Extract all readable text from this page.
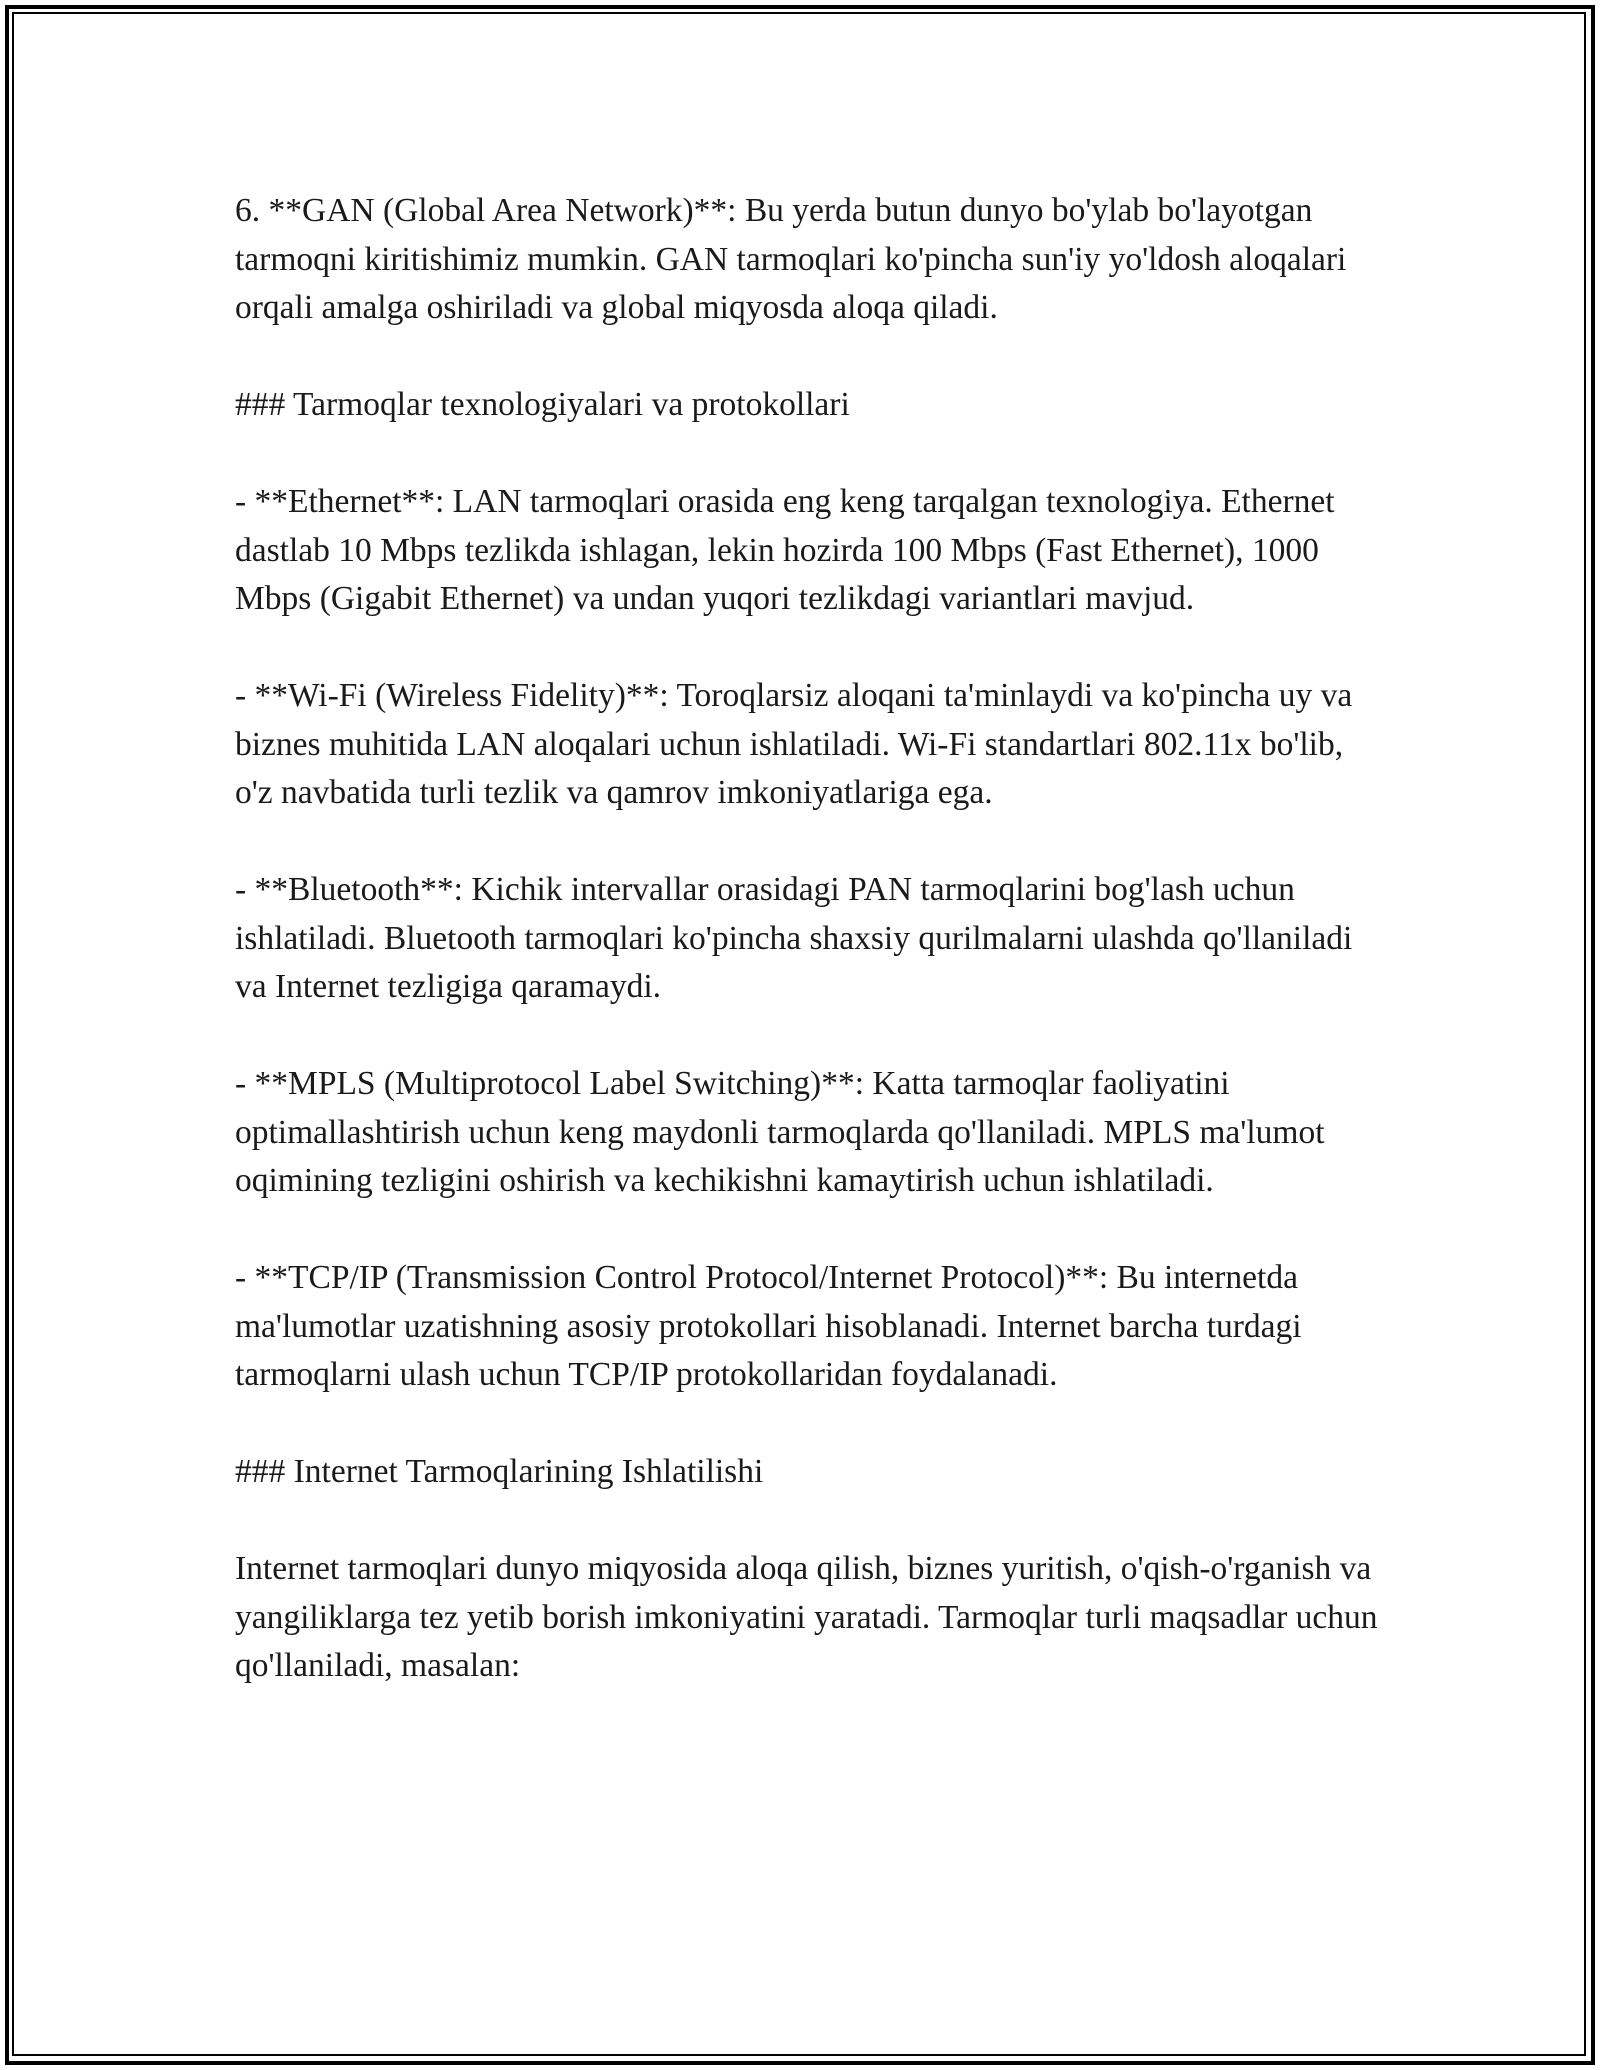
6. **GAN (Global Area Network)**: Bu yerda butun dunyo bo'ylab bo'layotgan tarmoqni kiritishimiz mumkin. GAN tarmoqlari ko'pincha sun'iy yo'ldosh aloqalari orqali amalga oshiriladi va global miqyosda aloqa qiladi.

### Tarmoqlar texnologiyalari va protokollari

- **Ethernet**: LAN tarmoqlari orasida eng keng tarqalgan texnologiya. Ethernet dastlab 10 Mbps tezlikda ishlagan, lekin hozirda 100 Mbps (Fast Ethernet), 1000 Mbps (Gigabit Ethernet) va undan yuqori tezlikdagi variantlari mavjud.

- **Wi-Fi (Wireless Fidelity)**: Toroqlarsiz aloqani ta'minlaydi va ko'pincha uy va biznes muhitida LAN aloqalari uchun ishlatiladi. Wi-Fi standartlari 802.11x bo'lib, o'z navbatida turli tezlik va qamrov imkoniyatlariga ega.

- **Bluetooth**: Kichik intervallar orasidagi PAN tarmoqlarini bog'lash uchun ishlatiladi. Bluetooth tarmoqlari ko'pincha shaxsiy qurilmalarni ulashda qo'llaniladi va Internet tezligiga qaramaydi.

- **MPLS (Multiprotocol Label Switching)**: Katta tarmoqlar faoliyatini optimallashtirish uchun keng maydonli tarmoqlarda qo'llaniladi. MPLS ma'lumot oqimining tezligini oshirish va kechikishni kamaytirish uchun ishlatiladi.

- **TCP/IP (Transmission Control Protocol/Internet Protocol)**: Bu internetda ma'lumotlar uzatishning asosiy protokollari hisoblanadi. Internet barcha turdagi tarmoqlarni ulash uchun TCP/IP protokollaridan foydalanadi.

### Internet Tarmoqlarining Ishlatilishi

Internet tarmoqlari dunyo miqyosida aloqa qilish, biznes yuritish, o'qish-o'rganish va yangiliklarga tez yetib borish imkoniyatini yaratadi. Tarmoqlar turli maqsadlar uchun qo'llaniladi, masalan:
